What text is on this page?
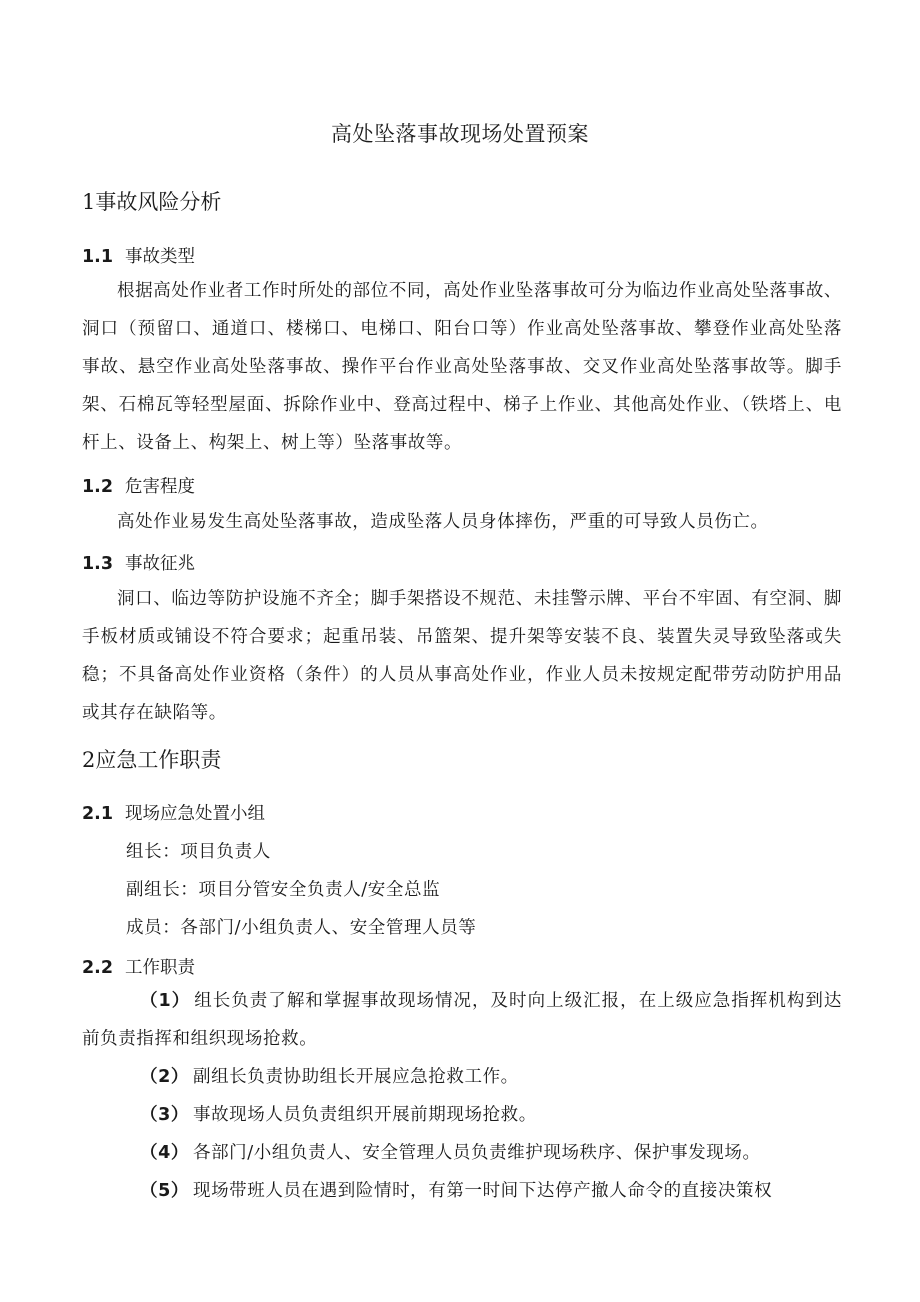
高处坠落事故现场处置预案
1事故风险分析
1.1 事故类型
根据高处作业者工作时所处的部位不同，高处作业坠落事故可分为临边作业高处坠落事故、洞口（预留口、通道口、楼梯口、电梯口、阳台口等）作业高处坠落事故、攀登作业高处坠落事故、悬空作业高处坠落事故、操作平台作业高处坠落事故、交叉作业高处坠落事故等。脚手架、石棉瓦等轻型屋面、拆除作业中、登高过程中、梯子上作业、其他高处作业、（铁塔上、电杆上、设备上、构架上、树上等）坠落事故等。
1.2 危害程度
高处作业易发生高处坠落事故，造成坠落人员身体摔伤，严重的可导致人员伤亡。
1.3 事故征兆
洞口、临边等防护设施不齐全；脚手架搭设不规范、未挂警示牌、平台不牢固、有空洞、脚手板材质或铺设不符合要求；起重吊装、吊篮架、提升架等安装不良、装置失灵导致坠落或失稳；不具备高处作业资格（条件）的人员从事高处作业，作业人员未按规定配带劳动防护用品或其存在缺陷等。
2应急工作职责
2.1 现场应急处置小组
组长：项目负责人
副组长：项目分管安全负责人/安全总监
成员：各部门/小组负责人、安全管理人员等
2.2 工作职责
（1） 组长负责了解和掌握事故现场情况，及时向上级汇报，在上级应急指挥机构到达前负责指挥和组织现场抢救。
（2） 副组长负责协助组长开展应急抢救工作。
（3） 事故现场人员负责组织开展前期现场抢救。
（4） 各部门/小组负责人、安全管理人员负责维护现场秩序、保护事发现场。
（5） 现场带班人员在遇到险情时，有第一时间下达停产撤人命令的直接决策权
